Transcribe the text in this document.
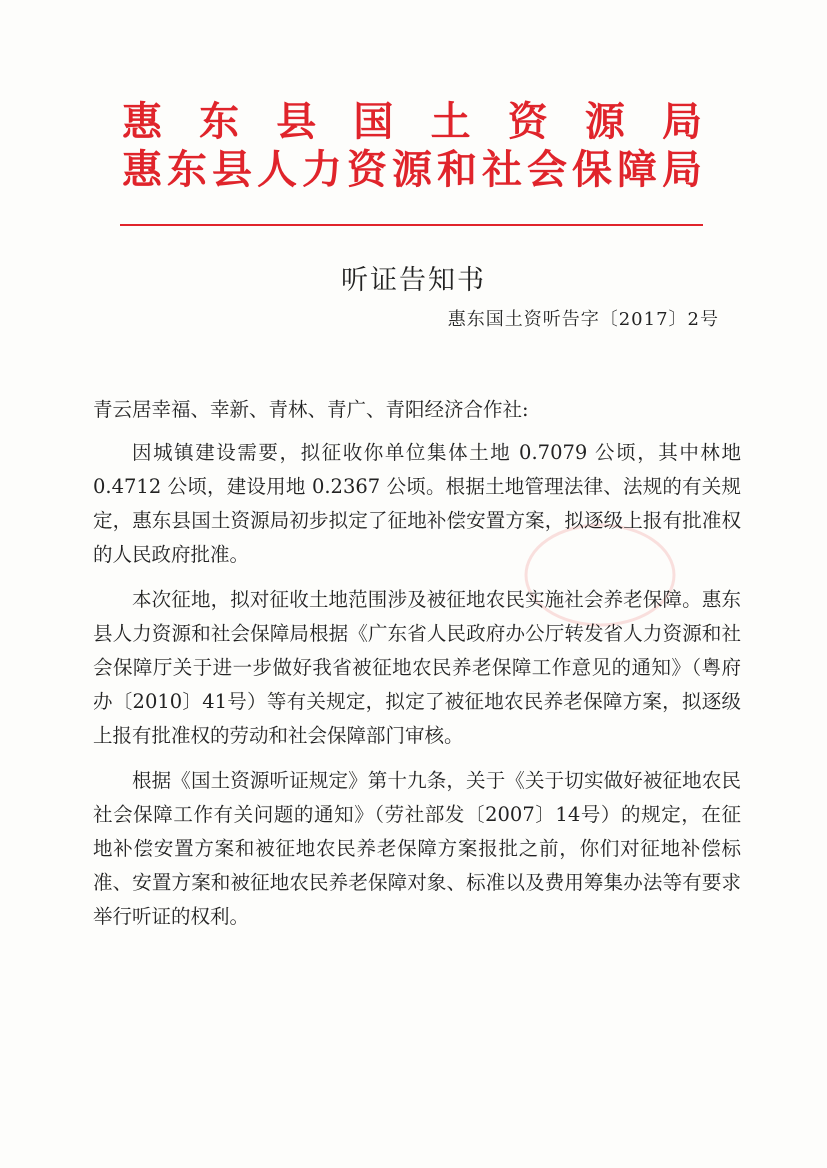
惠 东 县 国 土 资 源 局
惠 东 县 人 力 资 源 和 社 会 保 障 局
听证告知书
惠东国土资听告字〔2017〕2号
青云居幸福、幸新、青林、青广、青阳经济合作社:

因城镇建设需要，拟征收你单位集体土地 0.7079 公顷，其中林地 0.4712 公顷，建设用地 0.2367 公顷。根据土地管理法律、法规的有关规定，惠东县国土资源局初步拟定了征地补偿安置方案，拟逐级上报有批准权的人民政府批准。

本次征地，拟对征收土地范围涉及被征地农民实施社会养老保障。惠东县人力资源和社会保障局根据《广东省人民政府办公厅转发省人力资源和社会保障厅关于进一步做好我省被征地农民养老保障工作意见的通知》（粤府办〔2010〕41号）等有关规定，拟定了被征地农民养老保障方案，拟逐级上报有批准权的劳动和社会保障部门审核。

根据《国土资源听证规定》第十九条，关于《关于切实做好被征地农民社会保障工作有关问题的通知》（劳社部发〔2007〕14号）的规定，在征地补偿安置方案和被征地农民养老保障方案报批之前，你们对征地补偿标准、安置方案和被征地农民养老保障对象、标准以及费用筹集办法等有要求举行听证的权利。
